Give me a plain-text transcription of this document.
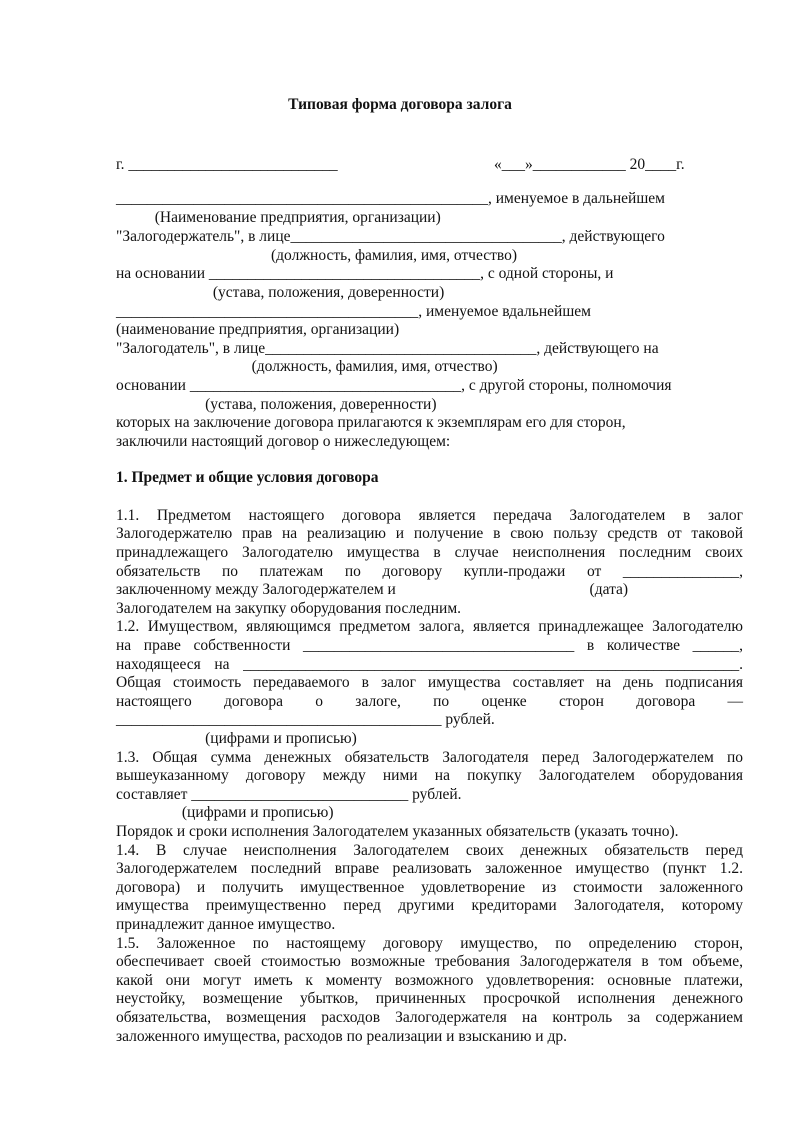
Типовая форма договора залога
«___»____________ 20____г.
г. ___________________________
________________________________________________, именуемое в дальнейшем
(Наименование предприятия, организации)
"Залогодержатель", в лице___________________________________, действующего
(должность, фамилия, имя, отчество)
на основании ___________________________________, с одной стороны, и
(устава, положения, доверенности)
_______________________________________, именуемое вдальнейшем
(наименование предприятия, организации)
"Залогодатель", в лице___________________________________, действующего на
(должность, фамилия, имя, отчество)
основании ___________________________________, с другой стороны, полномочия
(устава, положения, доверенности)
которых на заключение договора прилагаются к экземплярам его для сторон,
заключили настоящий договор о нижеследующем:
1. Предмет и общие условия договора
1.1. Предметом настоящего договора является передача Залогодателем в залог
Залогодержателю прав на реализацию и получение в свою пользу средств от таковой
принадлежащего Залогодателю имущества в случае неисполнения последним своих
обязательств по платежам по договору купли-продажи от _______________,
заключенному между Залогодержателем и                                                  (дата)
Залогодателем на закупку оборудования последним.
1.2. Имуществом, являющимся предметом залога, является принадлежащее Залогодателю
на праве собственности ___________________________________ в количестве ______,
находящееся на ________________________________________________________________.
Общая стоимость передаваемого в залог имущества составляет на день подписания
настоящего договора о залоге, по оценке сторон договора —
__________________________________________ рублей.
(цифрами и прописью)
1.3. Общая сумма денежных обязательств Залогодателя перед Залогодержателем по
вышеуказанному договору между ними на покупку Залогодателем оборудования
составляет ____________________________ рублей.
(цифрами и прописью)
Порядок и сроки исполнения Залогодателем указанных обязательств (указать точно).
1.4. В случае неисполнения Залогодателем своих денежных обязательств перед
Залогодержателем последний вправе реализовать заложенное имущество (пункт 1.2.
договора) и получить имущественное удовлетворение из стоимости заложенного
имущества преимущественно перед другими кредиторами Залогодателя, которому
принадлежит данное имущество.
1.5. Заложенное по настоящему договору имущество, по определению сторон,
обеспечивает своей стоимостью возможные требования Залогодержателя в том объеме,
какой они могут иметь к моменту возможного удовлетворения: основные платежи,
неустойку, возмещение убытков, причиненных просрочкой исполнения денежного
обязательства, возмещения расходов Залогодержателя на контроль за содержанием
заложенного имущества, расходов по реализации и взысканию и др.
